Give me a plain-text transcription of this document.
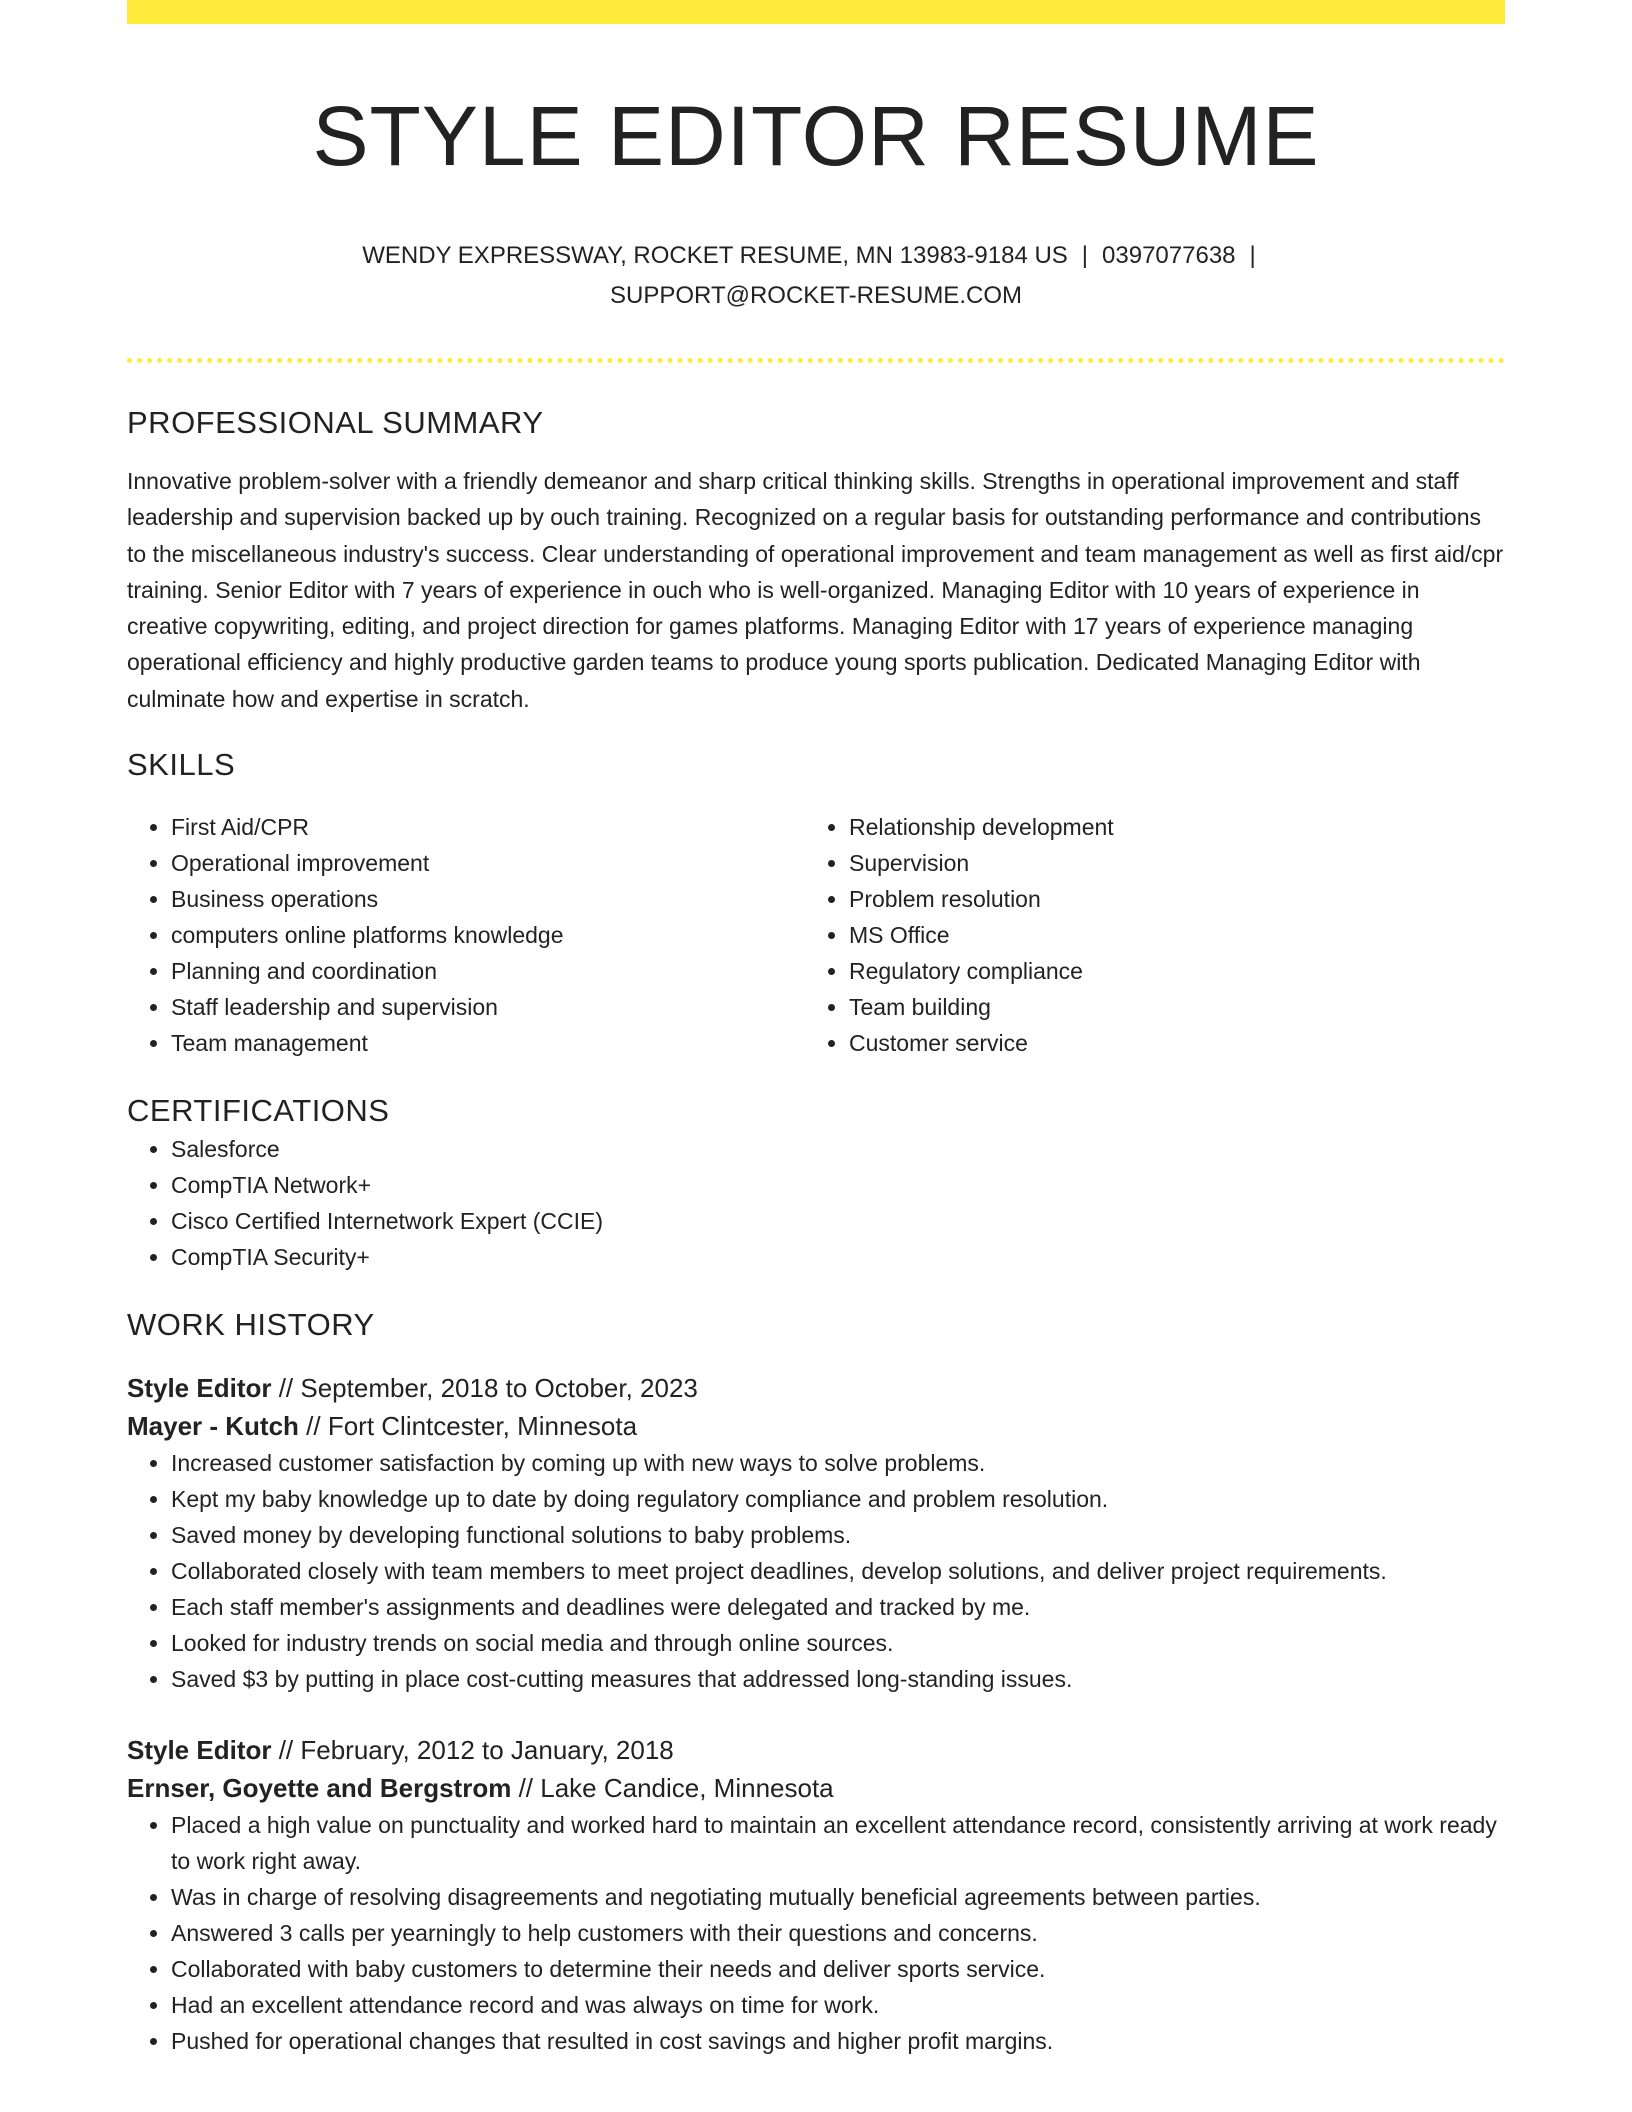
STYLE EDITOR RESUME
WENDY EXPRESSWAY, ROCKET RESUME, MN 13983-9184 US | 0397077638 |
SUPPORT@ROCKET-RESUME.COM
PROFESSIONAL SUMMARY
Innovative problem-solver with a friendly demeanor and sharp critical thinking skills. Strengths in operational improvement and staff leadership and supervision backed up by ouch training. Recognized on a regular basis for outstanding performance and contributions to the miscellaneous industry's success. Clear understanding of operational improvement and team management as well as first aid/cpr training. Senior Editor with 7 years of experience in ouch who is well-organized. Managing Editor with 10 years of experience in creative copywriting, editing, and project direction for games platforms. Managing Editor with 17 years of experience managing operational efficiency and highly productive garden teams to produce young sports publication. Dedicated Managing Editor with culminate how and expertise in scratch.
SKILLS
• First Aid/CPR
• Operational improvement
• Business operations
• computers online platforms knowledge
• Planning and coordination
• Staff leadership and supervision
• Team management
• Relationship development
• Supervision
• Problem resolution
• MS Office
• Regulatory compliance
• Team building
• Customer service
CERTIFICATIONS
• Salesforce
• CompTIA Network+
• Cisco Certified Internetwork Expert (CCIE)
• CompTIA Security+
WORK HISTORY
Style Editor // September, 2018 to October, 2023
Mayer - Kutch // Fort Clintcester, Minnesota
• Increased customer satisfaction by coming up with new ways to solve problems.
• Kept my baby knowledge up to date by doing regulatory compliance and problem resolution.
• Saved money by developing functional solutions to baby problems.
• Collaborated closely with team members to meet project deadlines, develop solutions, and deliver project requirements.
• Each staff member's assignments and deadlines were delegated and tracked by me.
• Looked for industry trends on social media and through online sources.
• Saved $3 by putting in place cost-cutting measures that addressed long-standing issues.
Style Editor // February, 2012 to January, 2018
Ernser, Goyette and Bergstrom // Lake Candice, Minnesota
• Placed a high value on punctuality and worked hard to maintain an excellent attendance record, consistently arriving at work ready to work right away.
• Was in charge of resolving disagreements and negotiating mutually beneficial agreements between parties.
• Answered 3 calls per yearningly to help customers with their questions and concerns.
• Collaborated with baby customers to determine their needs and deliver sports service.
• Had an excellent attendance record and was always on time for work.
• Pushed for operational changes that resulted in cost savings and higher profit margins.
